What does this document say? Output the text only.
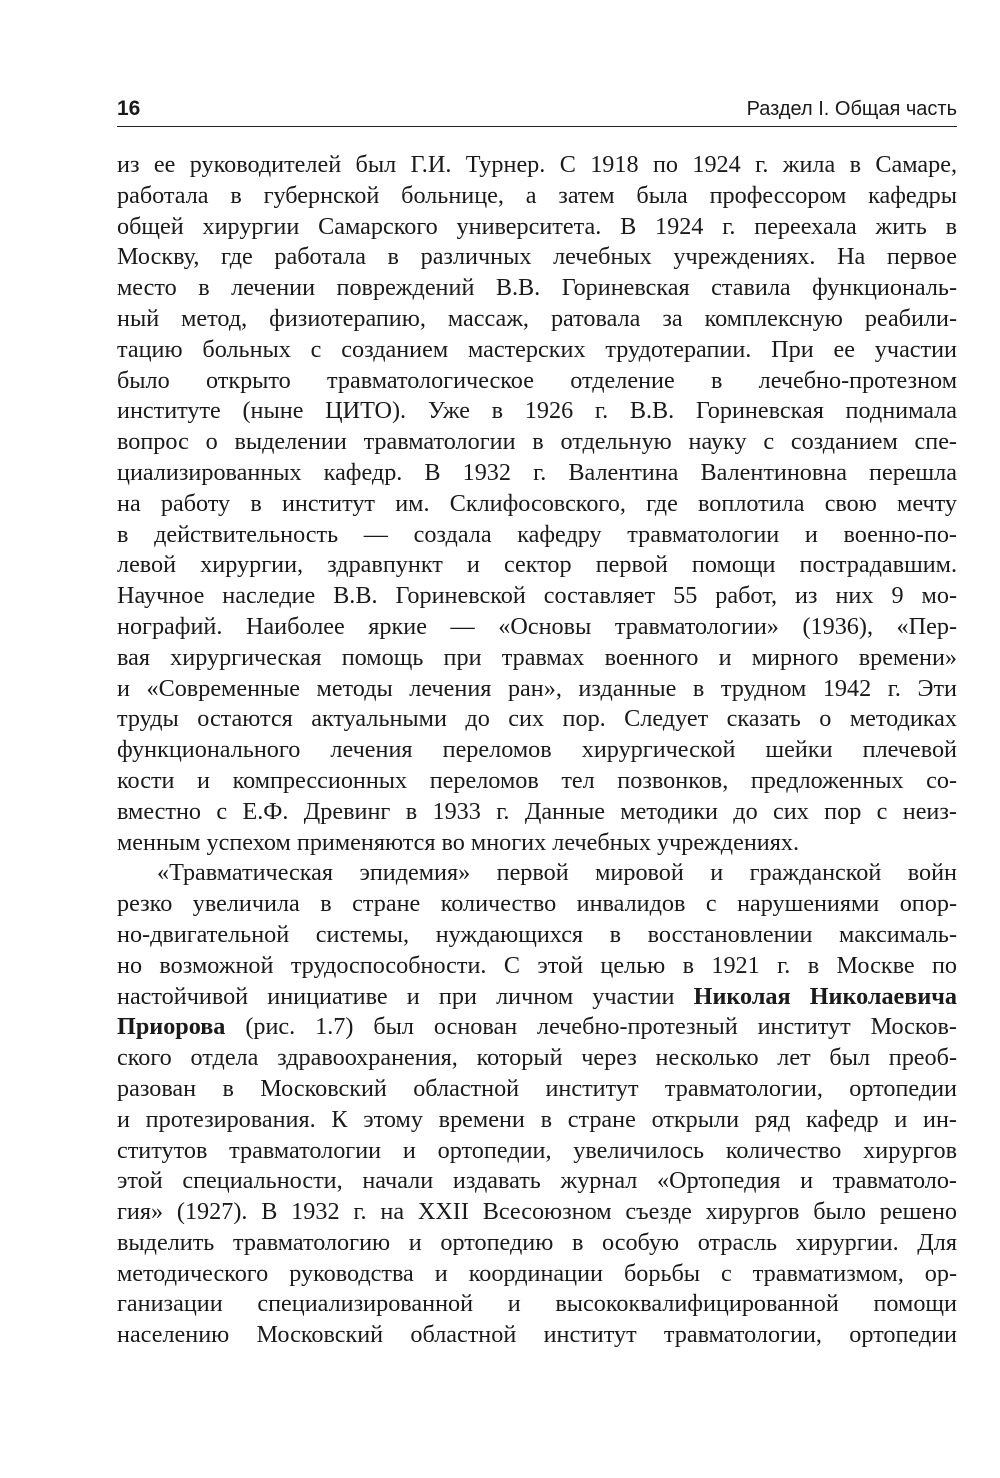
16	Раздел I. Общая часть
из ее руководителей был Г.И. Турнер. С 1918 по 1924 г. жила в Самаре,
работала в губернской больнице, а затем была профессором кафедры
общей хирургии Самарского университета. В 1924 г. переехала жить в
Москву, где работала в различных лечебных учреждениях. На первое
место в лечении повреждений В.В. Гориневская ставила функциональ-
ный метод, физиотерапию, массаж, ратовала за комплексную реабили-
тацию больных с созданием мастерских трудотерапии. При ее участии
было открыто травматологическое отделение в лечебно-протезном
институте (ныне ЦИТО). Уже в 1926 г. В.В. Гориневская поднимала
вопрос о выделении травматологии в отдельную науку с созданием спе-
циализированных кафедр. В 1932 г. Валентина Валентиновна перешла
на работу в институт им. Склифосовского, где воплотила свою мечту
в действительность — создала кафедру травматологии и военно-по-
левой хирургии, здравпункт и сектор первой помощи пострадавшим.
Научное наследие В.В. Гориневской составляет 55 работ, из них 9 мо-
нографий. Наиболее яркие — «Основы травматологии» (1936), «Пер-
вая хирургическая помощь при травмах военного и мирного времени»
и «Современные методы лечения ран», изданные в трудном 1942 г. Эти
труды остаются актуальными до сих пор. Следует сказать о методиках
функционального лечения переломов хирургической шейки плечевой
кости и компрессионных переломов тел позвонков, предложенных со-
вместно с Е.Ф. Древинг в 1933 г. Данные методики до сих пор с неиз-
менным успехом применяются во многих лечебных учреждениях.
«Травматическая эпидемия» первой мировой и гражданской войн
резко увеличила в стране количество инвалидов с нарушениями опор-
но-двигательной системы, нуждающихся в восстановлении максималь-
но возможной трудоспособности. С этой целью в 1921 г. в Москве по
настойчивой инициативе и при личном участии Николая Николаевича
Приорова (рис. 1.7) был основан лечебно-протезный институт Москов-
ского отдела здравоохранения, который через несколько лет был преоб-
разован в Московский областной институт травматологии, ортопедии
и протезирования. К этому времени в стране открыли ряд кафедр и ин-
ститутов травматологии и ортопедии, увеличилось количество хирургов
этой специальности, начали издавать журнал «Ортопедия и травматоло-
гия» (1927). В 1932 г. на XXII Всесоюзном съезде хирургов было решено
выделить травматологию и ортопедию в особую отрасль хирургии. Для
методического руководства и координации борьбы с травматизмом, ор-
ганизации специализированной и высококвалифицированной помощи
населению Московский областной институт травматологии, ортопедии
